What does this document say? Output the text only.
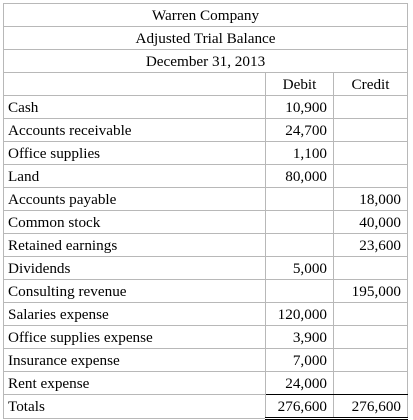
Warren Company		
Adjusted Trial Balance		
December 31, 2013		
	Debit	Credit
Cash	10,900	
Accounts receivable	24,700	
Office supplies	1,100	
Land	80,000	
Accounts payable		18,000
Common stock		40,000
Retained earnings		23,600
Dividends	5,000	
Consulting revenue		195,000
Salaries expense	120,000	
Office supplies expense	3,900	
Insurance expense	7,000	
Rent expense	24,000	
Totals	276,600	276,600
